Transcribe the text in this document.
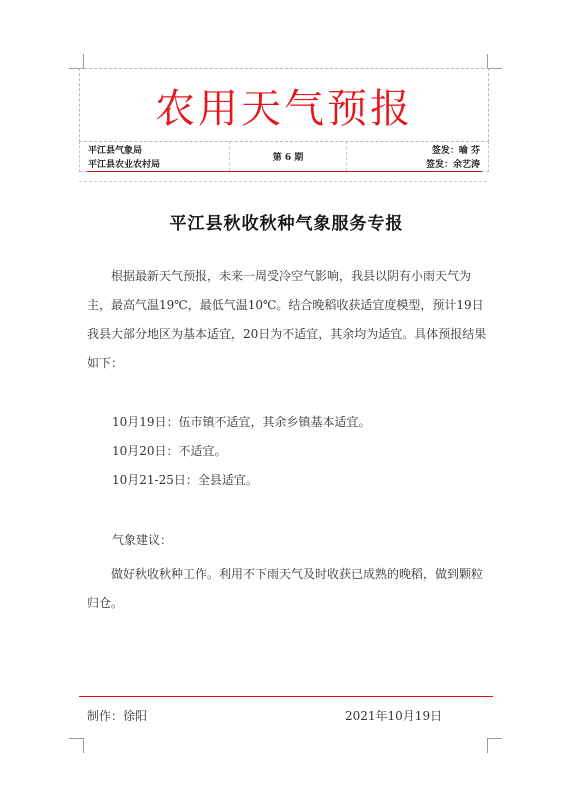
农用天气预报
平江县气象局
平江县农业农村局
第 6 期
签发：喻 芬
签发：余艺涛
平江县秋收秋种气象服务专报
根据最新天气预报，未来一周受冷空气影响，我县以阴有小雨天气为主，最高气温19℃，最低气温10℃。结合晚稻收获适宜度模型，预计19日我县大部分地区为基本适宜，20日为不适宜，其余均为适宜。具体预报结果如下：
10月19日：伍市镇不适宜，其余乡镇基本适宜。
10月20日：不适宜。
10月21-25日：全县适宜。
气象建议：
做好秋收秋种工作。利用不下雨天气及时收获已成熟的晚稻，做到颗粒归仓。
制作：徐阳	2021年10月19日
